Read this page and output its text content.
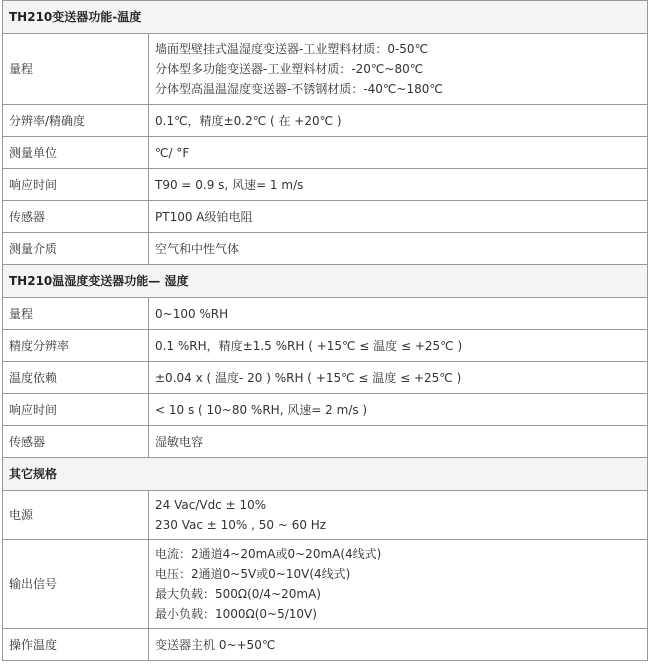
TH210变送器功能-温度	
量程	墙面型壁挂式温湿度变送器-工业塑料材质：0-50℃
分体型多功能变送器-工业塑料材质：-20℃~80℃
分体型高温温湿度变送器-不锈钢材质：-40℃~180℃

分辨率/精确度	0.1℃，精度±0.2℃ ( 在 +20℃ )

测量单位	℃/ °F

响应时间	T90 = 0.9 s, 风速= 1 m/s

传感器	PT100 A级铂电阻

测量介质	空气和中性气体

TH210温湿度变送器功能— 湿度	
量程	0~100 %RH

精度分辨率	0.1 %RH，精度±1.5 %RH ( +15℃ ≤ 温度 ≤ +25℃ )

温度依赖	±0.04 x ( 温度- 20 ) %RH ( +15℃ ≤ 温度 ≤ +25℃ )

响应时间	< 10 s ( 10~80 %RH, 风速= 2 m/s )

传感器	湿敏电容

其它规格	
电源	24 Vac/Vdc ± 10%
230 Vac ± 10% , 50 ~ 60 Hz

输出信号	电流：2通道4~20mA或0~20mA(4线式)
电压：2通道0~5V或0~10V(4线式)
最大负载：500Ω(0/4~20mA)
最小负载：1000Ω(0~5/10V)

操作温度	变送器主机 0~+50℃
